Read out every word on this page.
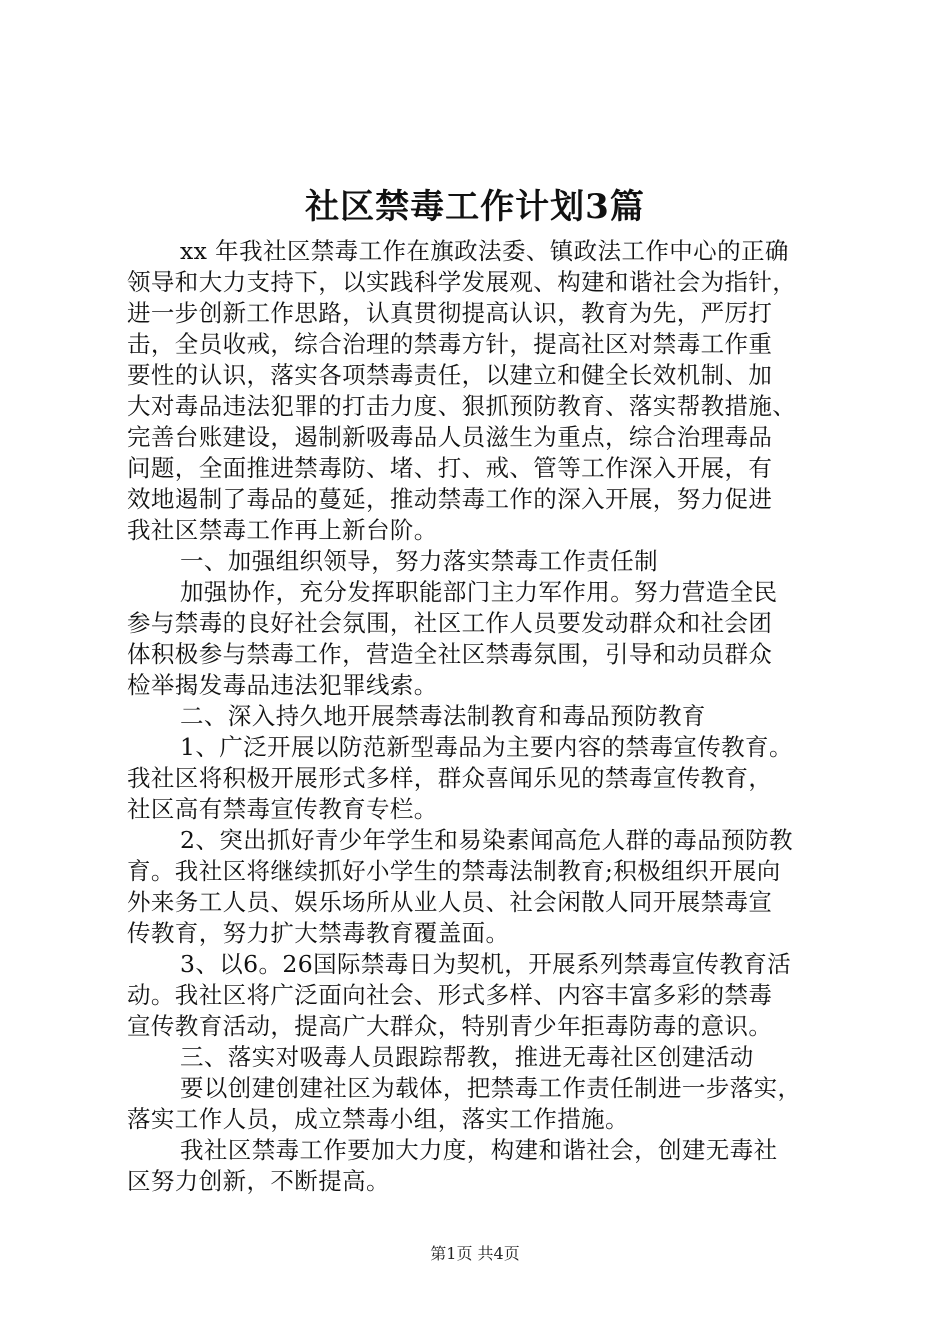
社区禁毒工作计划3篇
xx 年我社区禁毒工作在旗政法委、镇政法工作中心的正确
领导和大力支持下，以实践科学发展观、构建和谐社会为指针，
进一步创新工作思路，认真贯彻提高认识，教育为先，严厉打
击，全员收戒，综合治理的禁毒方针，提高社区对禁毒工作重
要性的认识，落实各项禁毒责任，以建立和健全长效机制、加
大对毒品违法犯罪的打击力度、狠抓预防教育、落实帮教措施、
完善台账建设，遏制新吸毒品人员滋生为重点，综合治理毒品
问题，全面推进禁毒防、堵、打、戒、管等工作深入开展，有
效地遏制了毒品的蔓延，推动禁毒工作的深入开展，努力促进
我社区禁毒工作再上新台阶。
一、加强组织领导，努力落实禁毒工作责任制
加强协作，充分发挥职能部门主力军作用。努力营造全民
参与禁毒的良好社会氛围，社区工作人员要发动群众和社会团
体积极参与禁毒工作，营造全社区禁毒氛围，引导和动员群众
检举揭发毒品违法犯罪线索。
二、深入持久地开展禁毒法制教育和毒品预防教育
1、广泛开展以防范新型毒品为主要内容的禁毒宣传教育。
我社区将积极开展形式多样，群众喜闻乐见的禁毒宣传教育，
社区高有禁毒宣传教育专栏。
2、突出抓好青少年学生和易染素闻高危人群的毒品预防教
育。我社区将继续抓好小学生的禁毒法制教育;积极组织开展向
外来务工人员、娱乐场所从业人员、社会闲散人同开展禁毒宣
传教育，努力扩大禁毒教育覆盖面。
3、以6。26国际禁毒日为契机，开展系列禁毒宣传教育活
动。我社区将广泛面向社会、形式多样、内容丰富多彩的禁毒
宣传教育活动，提高广大群众，特别青少年拒毒防毒的意识。
三、落实对吸毒人员跟踪帮教，推进无毒社区创建活动
要以创建创建社区为载体，把禁毒工作责任制进一步落实，
落实工作人员，成立禁毒小组，落实工作措施。
我社区禁毒工作要加大力度，构建和谐社会，创建无毒社
区努力创新，不断提高。
第1页 共4页
